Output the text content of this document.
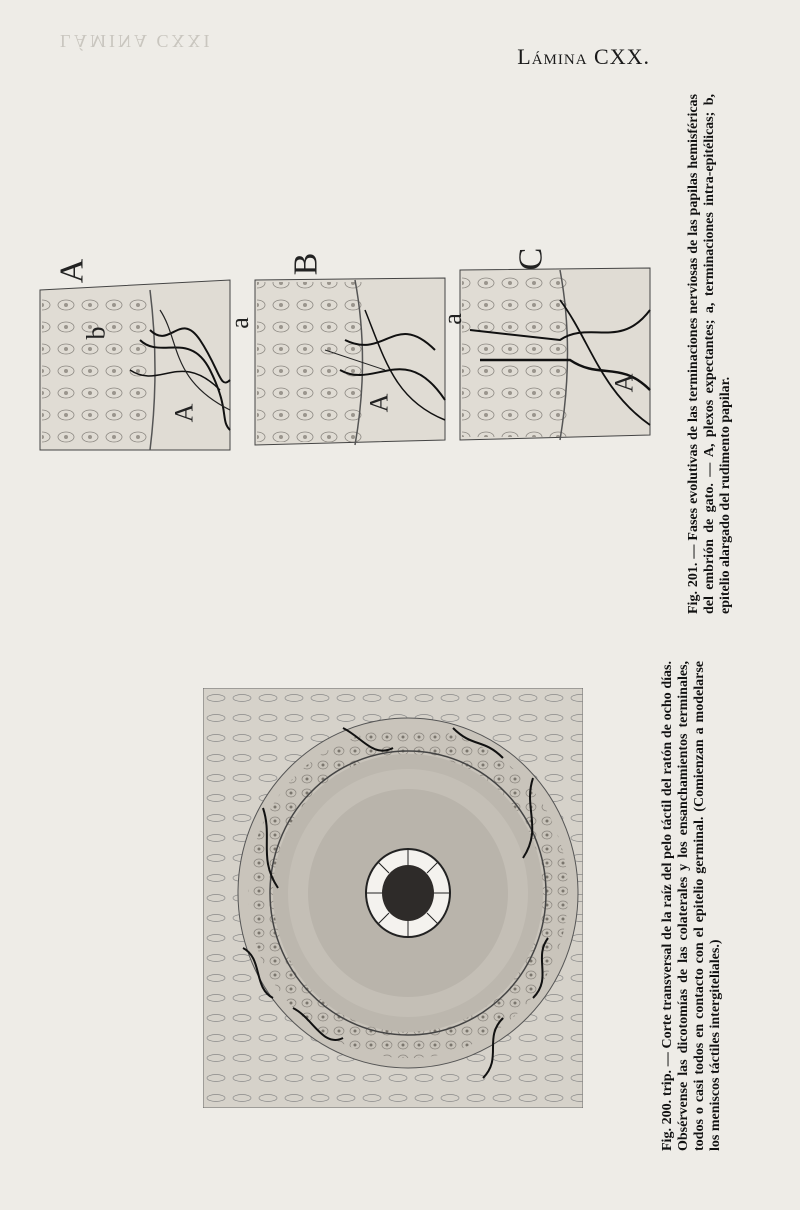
LÁMINA CXXI
Lámina CXX.
A	B	C
b
A
a
A
a
A	Fig. 201. — Fases evolutivas de las terminaciones nerviosas de las papilas hemisféricas del embrión de gato. — A, plexos expectantes; a, terminaciones intra-epitélicas; b, epitelio alargado del rudimento papilar.

Fig. 200. trip. — Corte transversal de la raíz del pelo táctil del ratón de ocho días. Obsérvense las dicotomías de las colaterales y los ensanchamientos terminales, todos o casi todos en contacto con el epitelio germinal. (Comienzan a modelarse los meniscos táctiles intergiteliales.)
